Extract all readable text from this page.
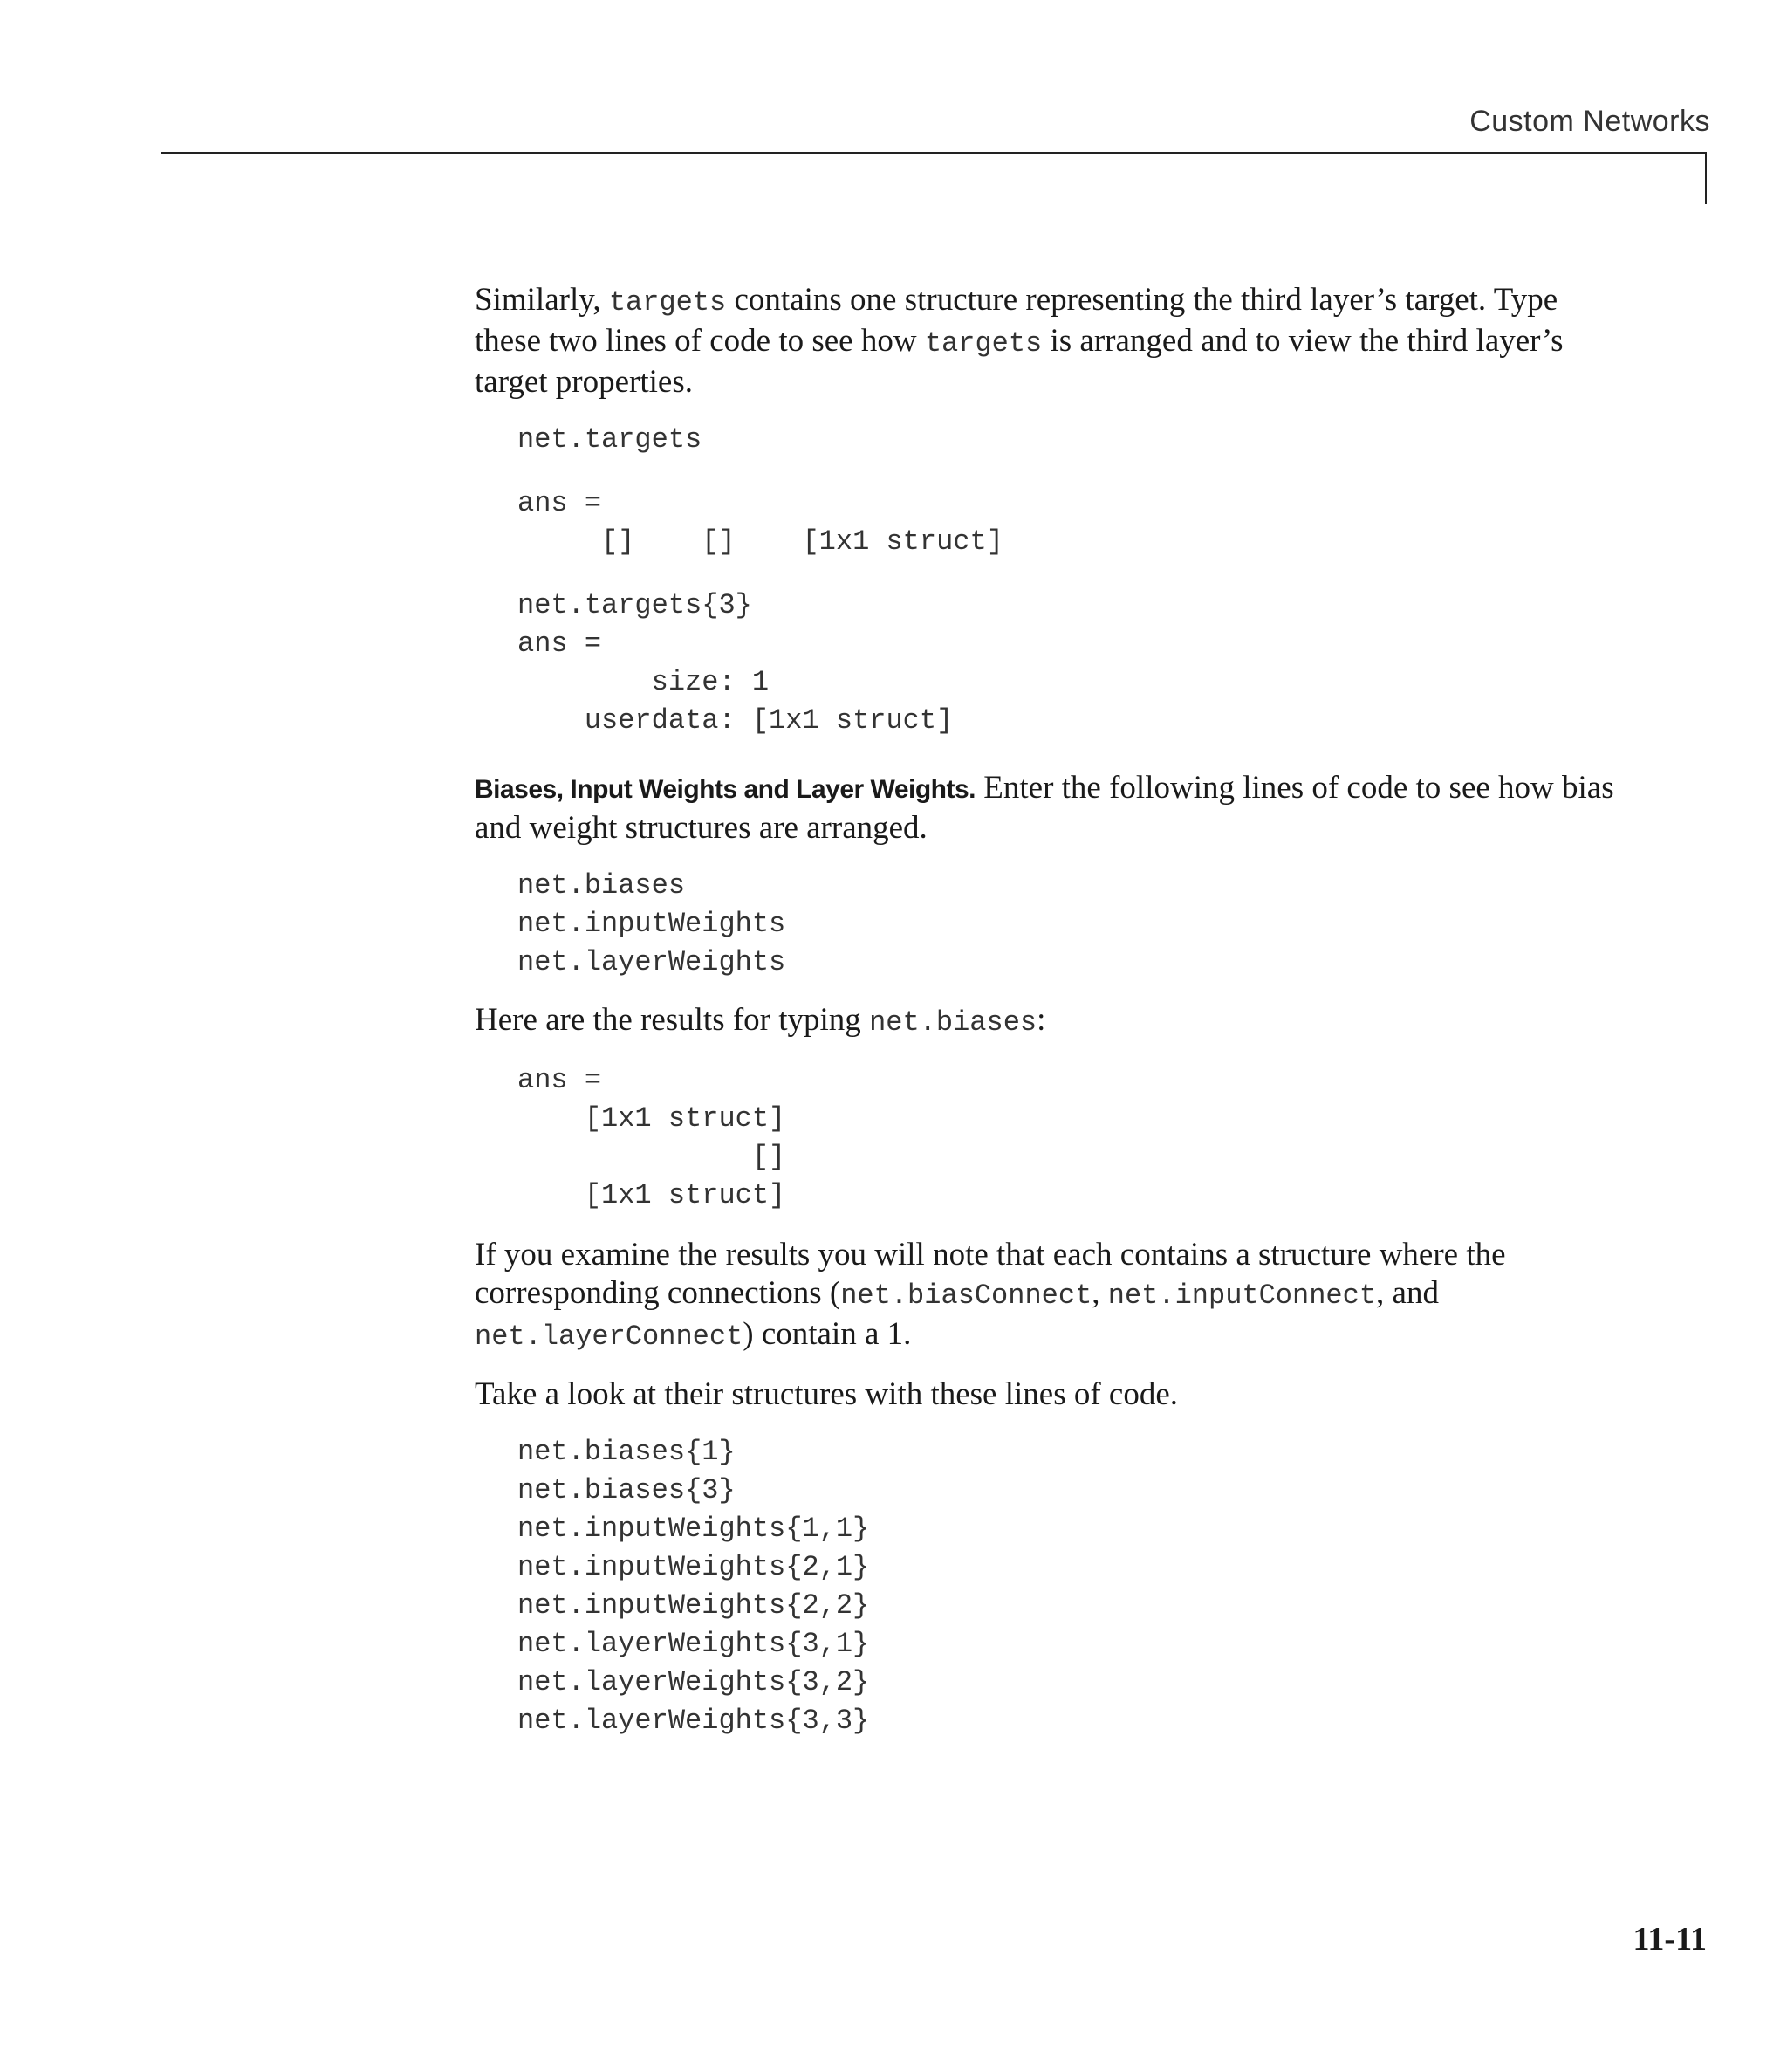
Custom Networks

Similarly, targets contains one structure representing the third layer’s target. Type these two lines of code to see how targets is arranged and to view the third layer’s target properties.

net.targets
ans =
[]    []    [1x1 struct]
net.targets{3}
ans =
size: 1
userdata: [1x1 struct]

Biases, Input Weights and Layer Weights. Enter the following lines of code to see how bias and weight structures are arranged.

net.biases
net.inputWeights
net.layerWeights

Here are the results for typing net.biases:

ans =
[1x1 struct]
[]
[1x1 struct]

If you examine the results you will note that each contains a structure where the corresponding connections (net.biasConnect, net.inputConnect, and net.layerConnect) contain a 1.

Take a look at their structures with these lines of code.

net.biases{1}
net.biases{3}
net.inputWeights{1,1}
net.inputWeights{2,1}
net.inputWeights{2,2}
net.layerWeights{3,1}
net.layerWeights{3,2}
net.layerWeights{3,3}
11-11
